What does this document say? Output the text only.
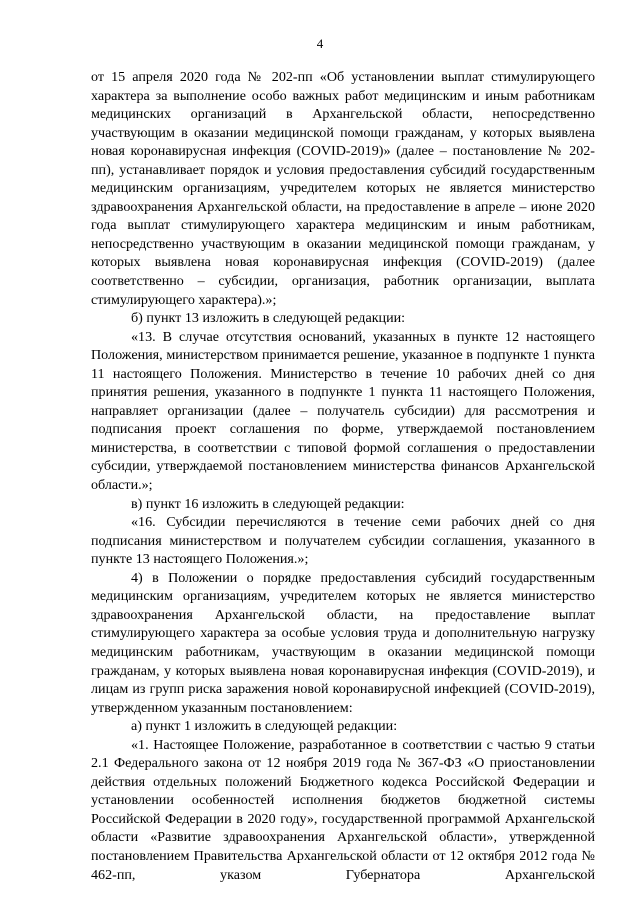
4

от 15 апреля 2020 года № 202-пп «Об установлении выплат стимулирующего характера за выполнение особо важных работ медицинским и иным работникам медицинских организаций в Архангельской области, непосредственно участвующим в оказании медицинской помощи гражданам, у которых выявлена новая коронавирусная инфекция (COVID-2019)» (далее – постановление № 202-пп), устанавливает порядок и условия предоставления субсидий государственным медицинским организациям, учредителем которых не является министерство здравоохранения Архангельской области, на предоставление в апреле – июне 2020 года выплат стимулирующего характера медицинским и иным работникам, непосредственно участвующим в оказании медицинской помощи гражданам, у которых выявлена новая коронавирусная инфекция (COVID-2019) (далее соответственно – субсидии, организация, работник организации, выплата стимулирующего характера).»;

б) пункт 13 изложить в следующей редакции:

«13. В случае отсутствия оснований, указанных в пункте 12 настоящего Положения, министерством принимается решение, указанное в подпункте 1 пункта 11 настоящего Положения. Министерство в течение 10 рабочих дней со дня принятия решения, указанного в подпункте 1 пункта 11 настоящего Положения, направляет организации (далее – получатель субсидии) для рассмотрения и подписания проект соглашения по форме, утверждаемой постановлением министерства, в соответствии с типовой формой соглашения о предоставлении субсидии, утверждаемой постановлением министерства финансов Архангельской области.»;

в) пункт 16 изложить в следующей редакции:

«16. Субсидии перечисляются в течение семи рабочих дней со дня подписания министерством и получателем субсидии соглашения, указанного в пункте 13 настоящего Положения.»;

4) в Положении о порядке предоставления субсидий государственным медицинским организациям, учредителем которых не является министерство здравоохранения Архангельской области, на предоставление выплат стимулирующего характера за особые условия труда и дополнительную нагрузку медицинским работникам, участвующим в оказании медицинской помощи гражданам, у которых выявлена новая коронавирусная инфекция (COVID-2019), и лицам из групп риска заражения новой коронавирусной инфекцией (COVID-2019), утвержденном указанным постановлением:

а) пункт 1 изложить в следующей редакции:

«1. Настоящее Положение, разработанное в соответствии с частью 9 статьи 2.1 Федерального закона от 12 ноября 2019 года № 367-ФЗ «О приостановлении действия отдельных положений Бюджетного кодекса Российской Федерации и установлении особенностей исполнения бюджетов бюджетной системы Российской Федерации в 2020 году», государственной программой Архангельской области «Развитие здравоохранения Архангельской области», утвержденной постановлением Правительства Архангельской области от 12 октября 2012 года № 462-пп, указом Губернатора Архангельской
